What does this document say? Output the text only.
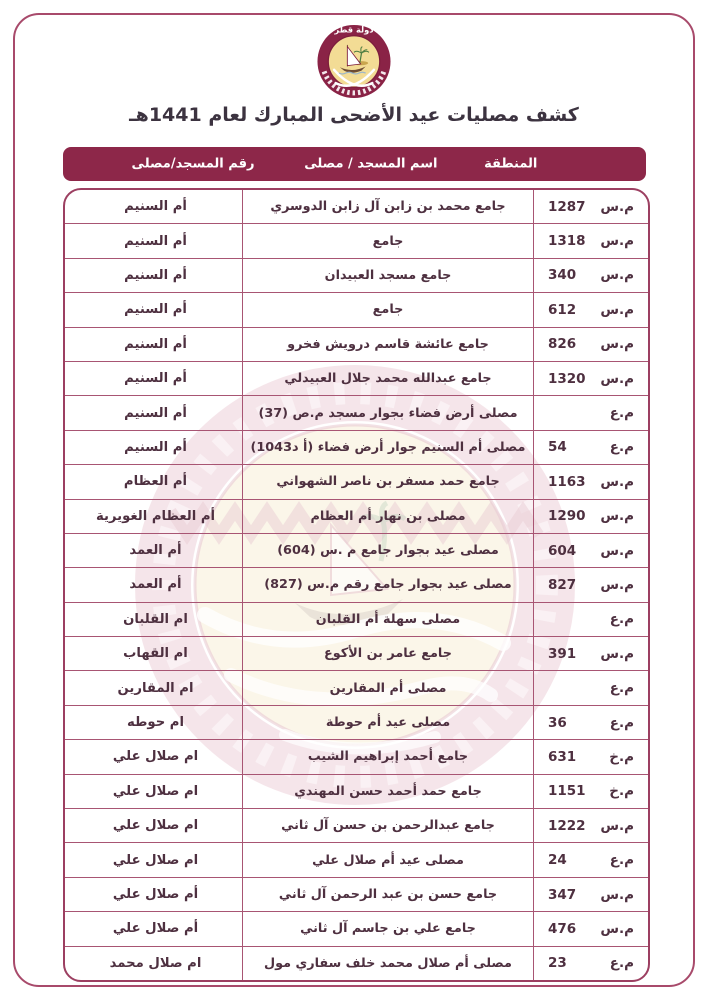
دولة قطر
كشف مصليات عيد الأضحى المبارك لعام 1441هـ
رقم المسجد/مصلى	اسم المسجد / مصلى	المنطقة
م.س
1287
جامع محمد بن زابن آل زابن الدوسري
أم السنيم
م.س
1318
جامع
أم السنيم
م.س
340
جامع مسجد العبيدان
أم السنيم
م.س
612
جامع
أم السنيم
م.س
826
جامع عائشة قاسم درويش فخرو
أم السنيم
م.س
1320
جامع عبدالله محمد جلال العبيدلي
أم السنيم
م.ع
مصلى أرض فضاء بجوار مسجد م.ص (37)
أم السنيم
م.ع
54
مصلى أم السنيم جوار أرض فضاء (أ د1043)
أم السنيم
م.س
1163
جامع حمد مسفر بن ناصر الشهواني
أم العظام
م.س
1290
مصلى بن نهار أم العظام
أم العظام الغويرية
م.س
604
مصلى عيد بجوار جامع م .س (604)
أم العمد
م.س
827
مصلى عيد بجوار جامع رقم م.س (827)
أم العمد
م.ع
مصلى سهلة أم القلبان
ام القلبان
م.س
391
جامع عامر بن الأكوع
ام القهاب
م.ع
مصلى أم المقارين
ام المقارين
م.ع
36
مصلى عيد أم حوطة
ام حوطه
م.خ
631
جامع أحمد إبراهيم الشيب
ام صلال علي
م.خ
1151
جامع حمد أحمد حسن المهندي
ام صلال علي
م.س
1222
جامع عبدالرحمن بن حسن آل ثاني
ام صلال علي
م.ع
24
مصلى عيد أم صلال علي
ام صلال علي
م.س
347
جامع حسن بن عبد الرحمن آل ثاني
أم صلال علي
م.س
476
جامع علي بن جاسم آل ثاني
أم صلال علي
م.ع
23
مصلى أم صلال محمد خلف سفاري مول
ام صلال محمد
